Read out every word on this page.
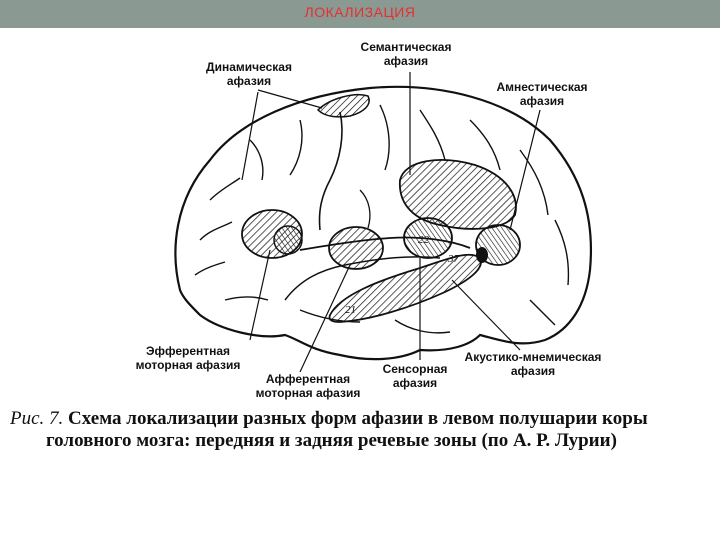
ЛОКАЛИЗАЦИЯ
22
21
Динамическая
афазия
Семантическая
афазия
Амнестическая
афазия
Эфферентная
моторная афазия
Афферентная
моторная афазия
Сенсорная
афазия
Акустико-мнемическая
афазия
Рис. 7. Схема локализации разных форм афазии в левом полушарии коры
головного мозга: передняя и задняя речевые зоны (по А. Р. Лурии)
